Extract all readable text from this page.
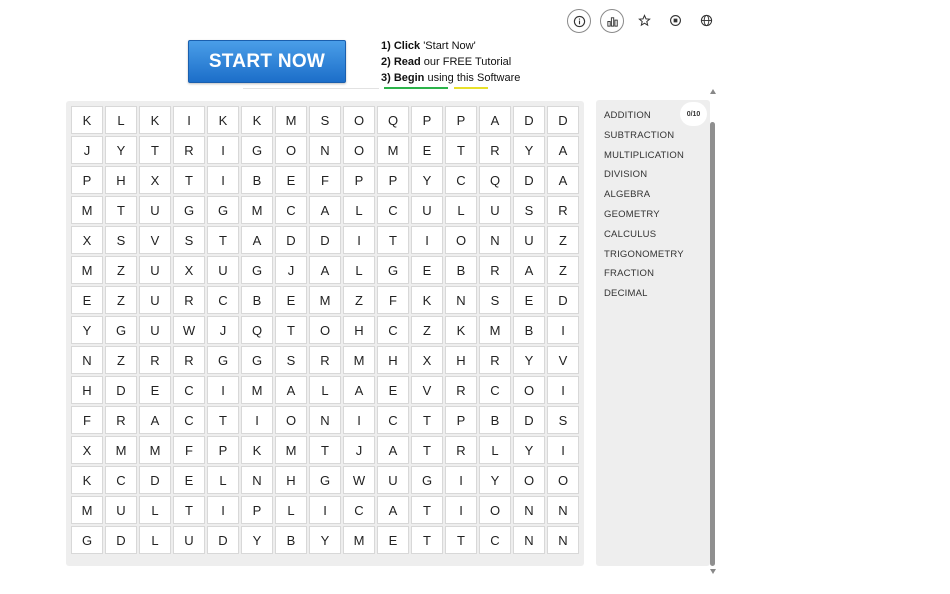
START NOW
1) Click 'Start Now'
2) Read our FREE Tutorial
3) Begin using this Software
K	L	K	I	K	K	M	S	O	Q	P	P	A	D	D
J	Y	T	R	I	G	O	N	O	M	E	T	R	Y	A
P	H	X	T	I	B	E	F	P	P	Y	C	Q	D	A
M	T	U	G	G	M	C	A	L	C	U	L	U	S	R
X	S	V	S	T	A	D	D	I	T	I	O	N	U	Z
M	Z	U	X	U	G	J	A	L	G	E	B	R	A	Z
E	Z	U	R	C	B	E	M	Z	F	K	N	S	E	D
Y	G	U	W	J	Q	T	O	H	C	Z	K	M	B	I
N	Z	R	R	G	G	S	R	M	H	X	H	R	Y	V
H	D	E	C	I	M	A	L	A	E	V	R	C	O	I
F	R	A	C	T	I	O	N	I	C	T	P	B	D	S
X	M	M	F	P	K	M	T	J	A	T	R	L	Y	I
K	C	D	E	L	N	H	G	W	U	G	I	Y	O	O
M	U	L	T	I	P	L	I	C	A	T	I	O	N	N
G	D	L	U	D	Y	B	Y	M	E	T	T	C	N	N
ADDITION
SUBTRACTION
MULTIPLICATION
DIVISION
ALGEBRA
GEOMETRY
CALCULUS
TRIGONOMETRY
FRACTION
DECIMAL
0/10
